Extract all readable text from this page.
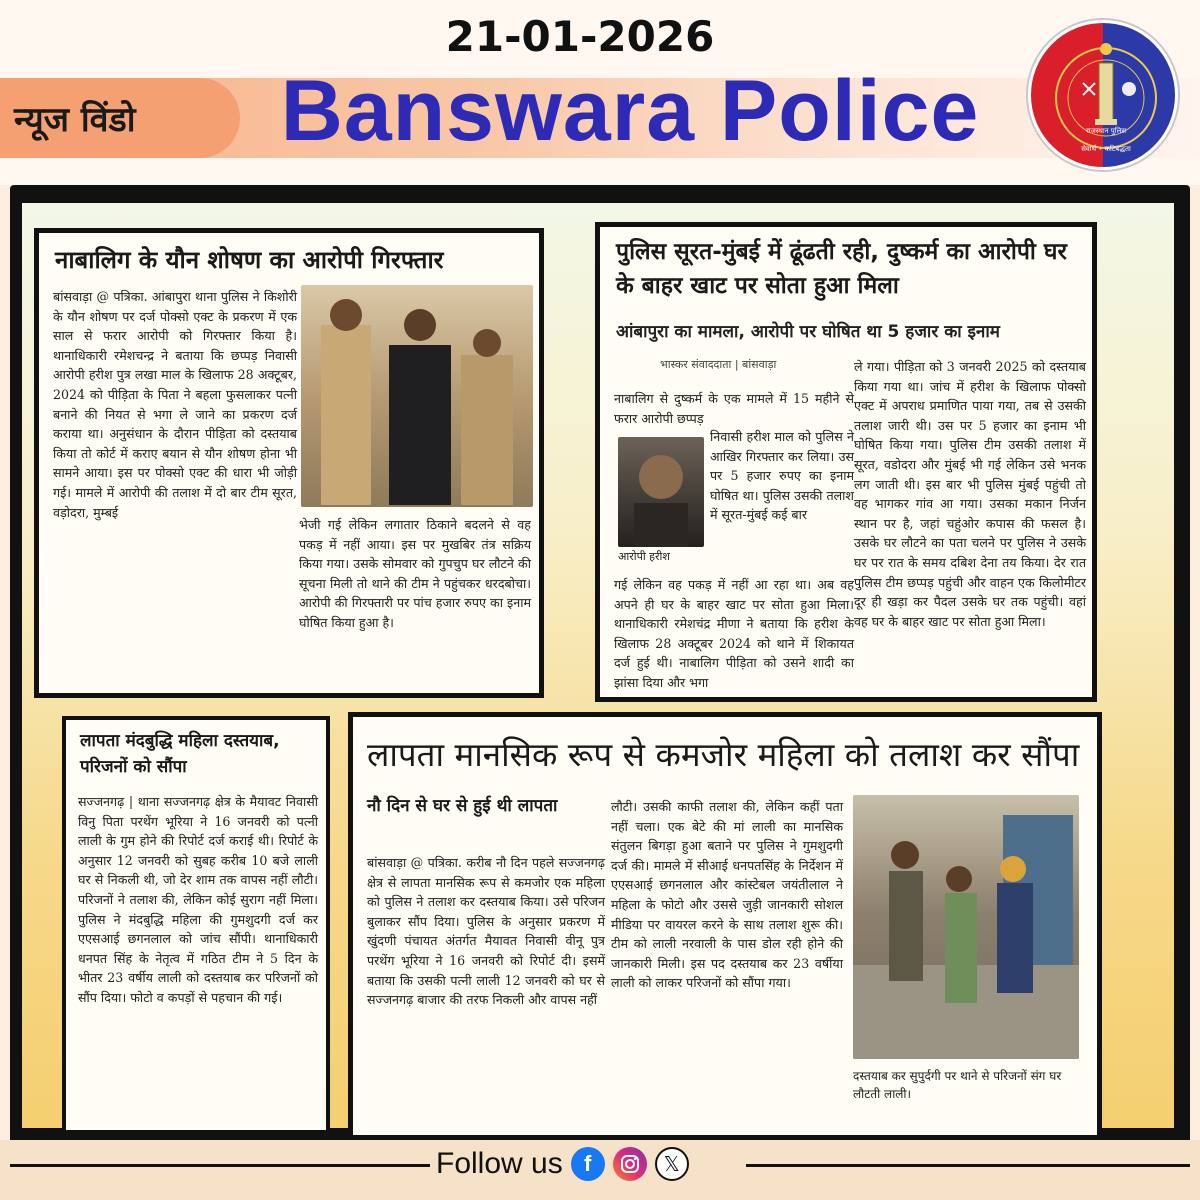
न्यूज विंडो
21-01-2026
Banswara Police	राजस्थान पुलिस
सेवार्थ • कटिबद्धता
नाबालिग के यौन शोषण का आरोपी गिरफ्तार
बांसवाड़ा @ पत्रिका. आंबापुरा थाना पुलिस ने किशोरी के यौन शोषण पर दर्ज पोक्सो एक्ट के प्रकरण में एक साल से फरार आरोपी को गिरफ्तार किया है। थानाधिकारी रमेशचन्द्र ने बताया कि छप्पड़ निवासी आरोपी हरीश पुत्र लखा माल के खिलाफ 28 अक्टूबर, 2024 को पीड़िता के पिता ने बहला फुसलाकर पत्नी बनाने की नियत से भगा ले जाने का प्रकरण दर्ज कराया था। अनुसंधान के दौरान पीड़िता को दस्तयाब किया तो कोर्ट में कराए बयान से यौन शोषण होना भी सामने आया। इस पर पोक्सो एक्ट की धारा भी जोड़ी गई। मामले में आरोपी की तलाश में दो बार टीम सूरत, वड़ोदरा, मुम्बई
भेजी गई लेकिन लगातार ठिकाने बदलने से वह पकड़ में नहीं आया। इस पर मुखबिर तंत्र सक्रिय किया गया। उसके सोमवार को गुपचुप घर लौटने की सूचना मिली तो थाने की टीम ने पहुंचकर धरदबोचा। आरोपी की गिरफ्तारी पर पांच हजार रुपए का इनाम घोषित किया हुआ है।
पुलिस सूरत-मुंबई में ढूंढती रही, दुष्कर्म का आरोपी घर के बाहर खाट पर सोता हुआ मिला
आंबापुरा का मामला, आरोपी पर घोषित था 5 हजार का इनाम
भास्कर संवाददाता | बांसवाड़ा
नाबालिग से दुष्कर्म के एक मामले में 15 महीने से फरार आरोपी छप्पड़
आरोपी हरीश
निवासी हरीश माल को पुलिस ने आखिर गिरफ्तार कर लिया। उस पर 5 हजार रुपए का इनाम घोषित था। पुलिस उसकी तलाश में सूरत-मुंबई कई बार
गई लेकिन वह पकड़ में नहीं आ रहा था। अब वह अपने ही घर के बाहर खाट पर सोता हुआ मिला। थानाधिकारी रमेशचंद्र मीणा ने बताया कि हरीश के खिलाफ 28 अक्टूबर 2024 को थाने में शिकायत दर्ज हुई थी। नाबालिग पीड़िता को उसने शादी का झांसा दिया और भगा
ले गया। पीड़िता को 3 जनवरी 2025 को दस्तयाब किया गया था। जांच में हरीश के खिलाफ पोक्सो एक्ट में अपराध प्रमाणित पाया गया, तब से उसकी तलाश जारी थी। उस पर 5 हजार का इनाम भी घोषित किया गया। पुलिस टीम उसकी तलाश में सूरत, वडोदरा और मुंबई भी गई लेकिन उसे भनक लग जाती थी। इस बार भी पुलिस मुंबई पहुंची तो वह भागकर गांव आ गया। उसका मकान निर्जन स्थान पर है, जहां चहुंओर कपास की फसल है। उसके घर लौटने का पता चलने पर पुलिस ने उसके घर पर रात के समय दबिश देना तय किया। देर रात पुलिस टीम छप्पड़ पहुंची और वाहन एक किलोमीटर दूर ही खड़ा कर पैदल उसके घर तक पहुंची। वहां वह घर के बाहर खाट पर सोता हुआ मिला।
लापता मंदबुद्धि महिला दस्तयाब, परिजनों को सौंपा
सज्जनगढ़ | थाना सज्जनगढ़ क्षेत्र के मैयावट निवासी विनु पिता परथेंग भूरिया ने 16 जनवरी को पत्नी लाली के गुम होने की रिपोर्ट दर्ज कराई थी। रिपोर्ट के अनुसार 12 जनवरी को सुबह करीब 10 बजे लाली घर से निकली थी, जो देर शाम तक वापस नहीं लौटी। परिजनों ने तलाश की, लेकिन कोई सुराग नहीं मिला। पुलिस ने मंदबुद्धि महिला की गुमशुदगी दर्ज कर एएसआई छगनलाल को जांच सौंपी। थानाधिकारी धनपत सिंह के नेतृत्व में गठित टीम ने 5 दिन के भीतर 23 वर्षीय लाली को दस्तयाब कर परिजनों को सौंप दिया। फोटो व कपड़ों से पहचान की गई।
लापता मानसिक रूप से कमजोर महिला को तलाश कर सौंपा
नौ दिन से घर से हुई थी लापता
बांसवाड़ा @ पत्रिका. करीब नौ दिन पहले सज्जनगढ़ क्षेत्र से लापता मानसिक रूप से कमजोर एक महिला को पुलिस ने तलाश कर दस्तयाब किया। उसे परिजन बुलाकर सौंप दिया। पुलिस के अनुसार प्रकरण में खुंदणी पंचायत अंतर्गत मैयावत निवासी वीनू पुत्र परथेंग भूरिया ने 16 जनवरी को रिपोर्ट दी। इसमें बताया कि उसकी पत्नी लाली 12 जनवरी को घर से सज्जनगढ़ बाजार की तरफ निकली और वापस नहीं
लौटी। उसकी काफी तलाश की, लेकिन कहीं पता नहीं चला। एक बेटे की मां लाली का मानसिक संतुलन बिगड़ा हुआ बताने पर पुलिस ने गुमशुदगी दर्ज की। मामले में सीआई धनपतसिंह के निर्देशन में एएसआई छगनलाल और कांस्टेबल जयंतीलाल ने महिला के फोटो और उससे जुड़ी जानकारी सोशल मीडिया पर वायरल करने के साथ तलाश शुरू की। टीम को लाली नरवाली के पास डोल रही होने की जानकारी मिली। इस पद दस्तयाब कर 23 वर्षीया लाली को लाकर परिजनों को सौंपा गया।
दस्तयाब कर सुपुर्दगी पर थाने से परिजनों संग घर लौटती लाली।
Follow us f	𝕏
